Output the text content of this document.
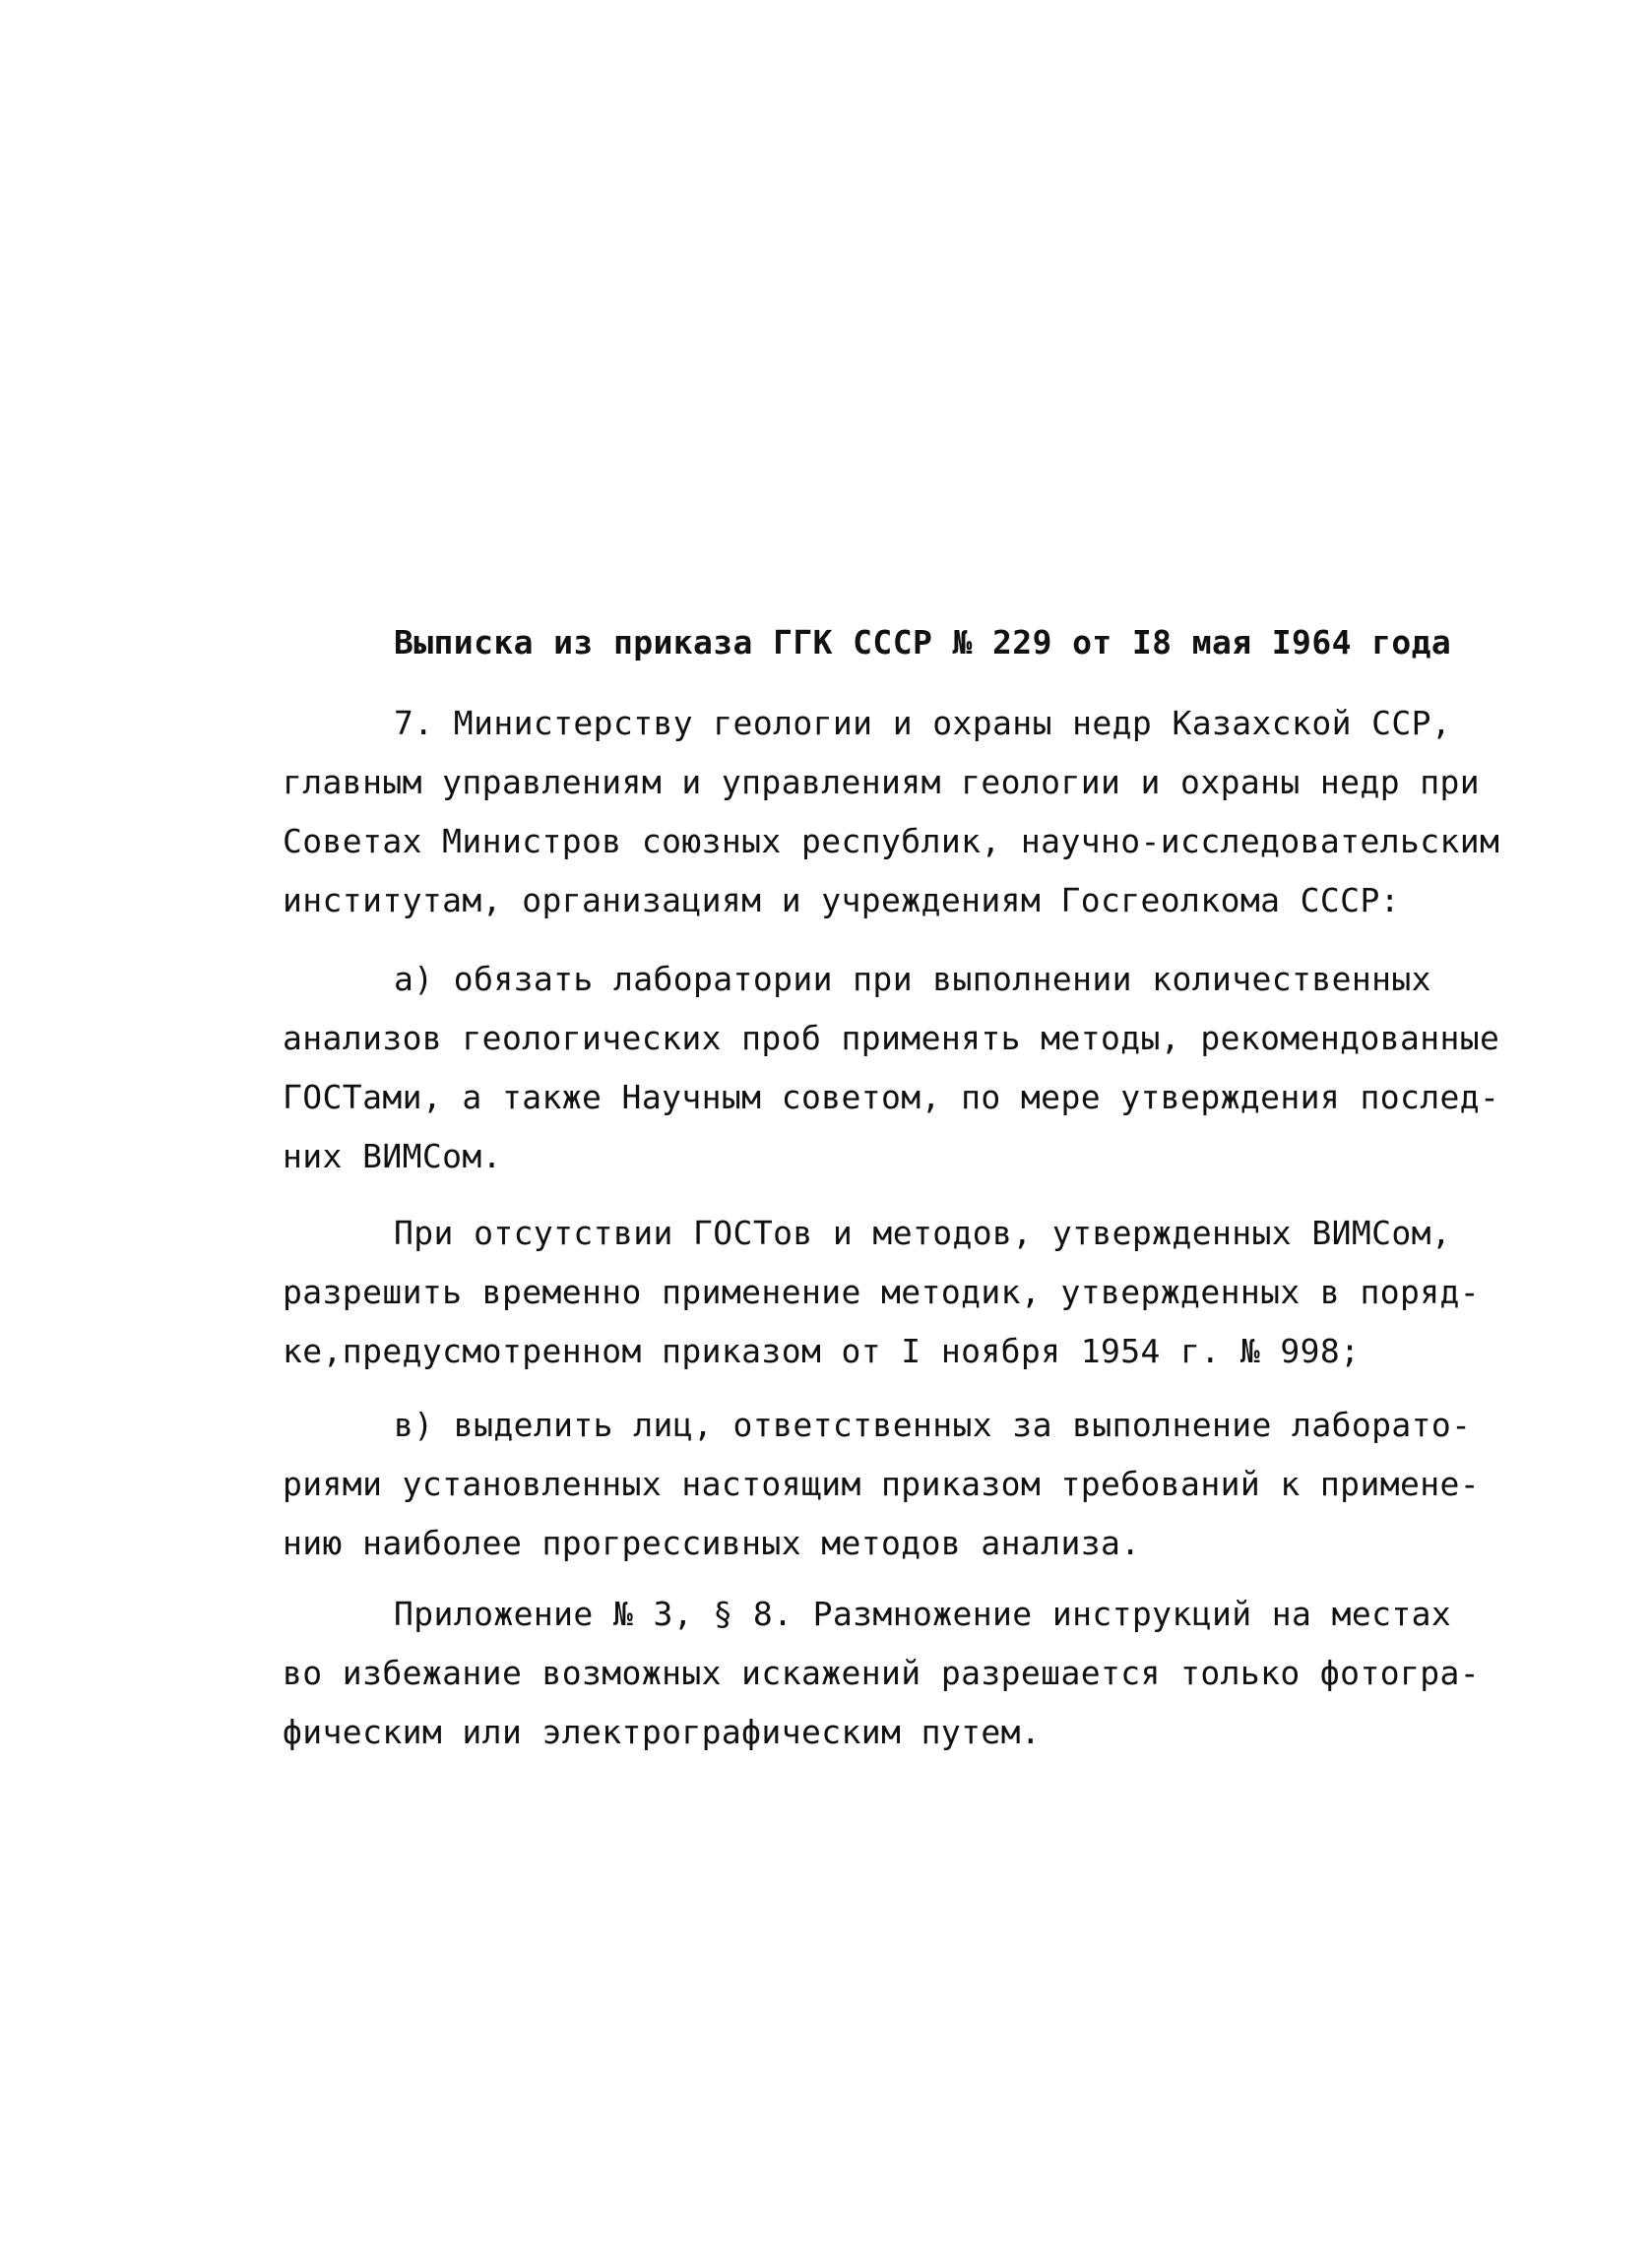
Выписка из приказа ГГК СССР № 229 от I8 мая I964 года
7. Министерству геологии и охраны недр Казахской ССР,
главным управлениям и управлениям геологии и охраны недр при
Советах Министров союзных республик, научно-исследовательским
институтам, организациям и учреждениям Госгеолкома СССР:
а) обязать лаборатории при выполнении количественных
анализов геологических проб применять методы, рекомендованные
ГОСТами, а также Научным советом, по мере утверждения послед-
них ВИМСом.
При отсутствии ГОСТов и методов, утвержденных ВИМСом,
разрешить временно применение методик, утвержденных в поряд-
ке,предусмотренном приказом от I ноября 1954 г. № 998;
в) выделить лиц, ответственных за выполнение лаборато-
риями установленных настоящим приказом требований к примене-
нию наиболее прогрессивных методов анализа.
Приложение № 3, § 8. Размножение инструкций на местах
во избежание возможных искажений разрешается только фотогра-
фическим или электрографическим путем.
